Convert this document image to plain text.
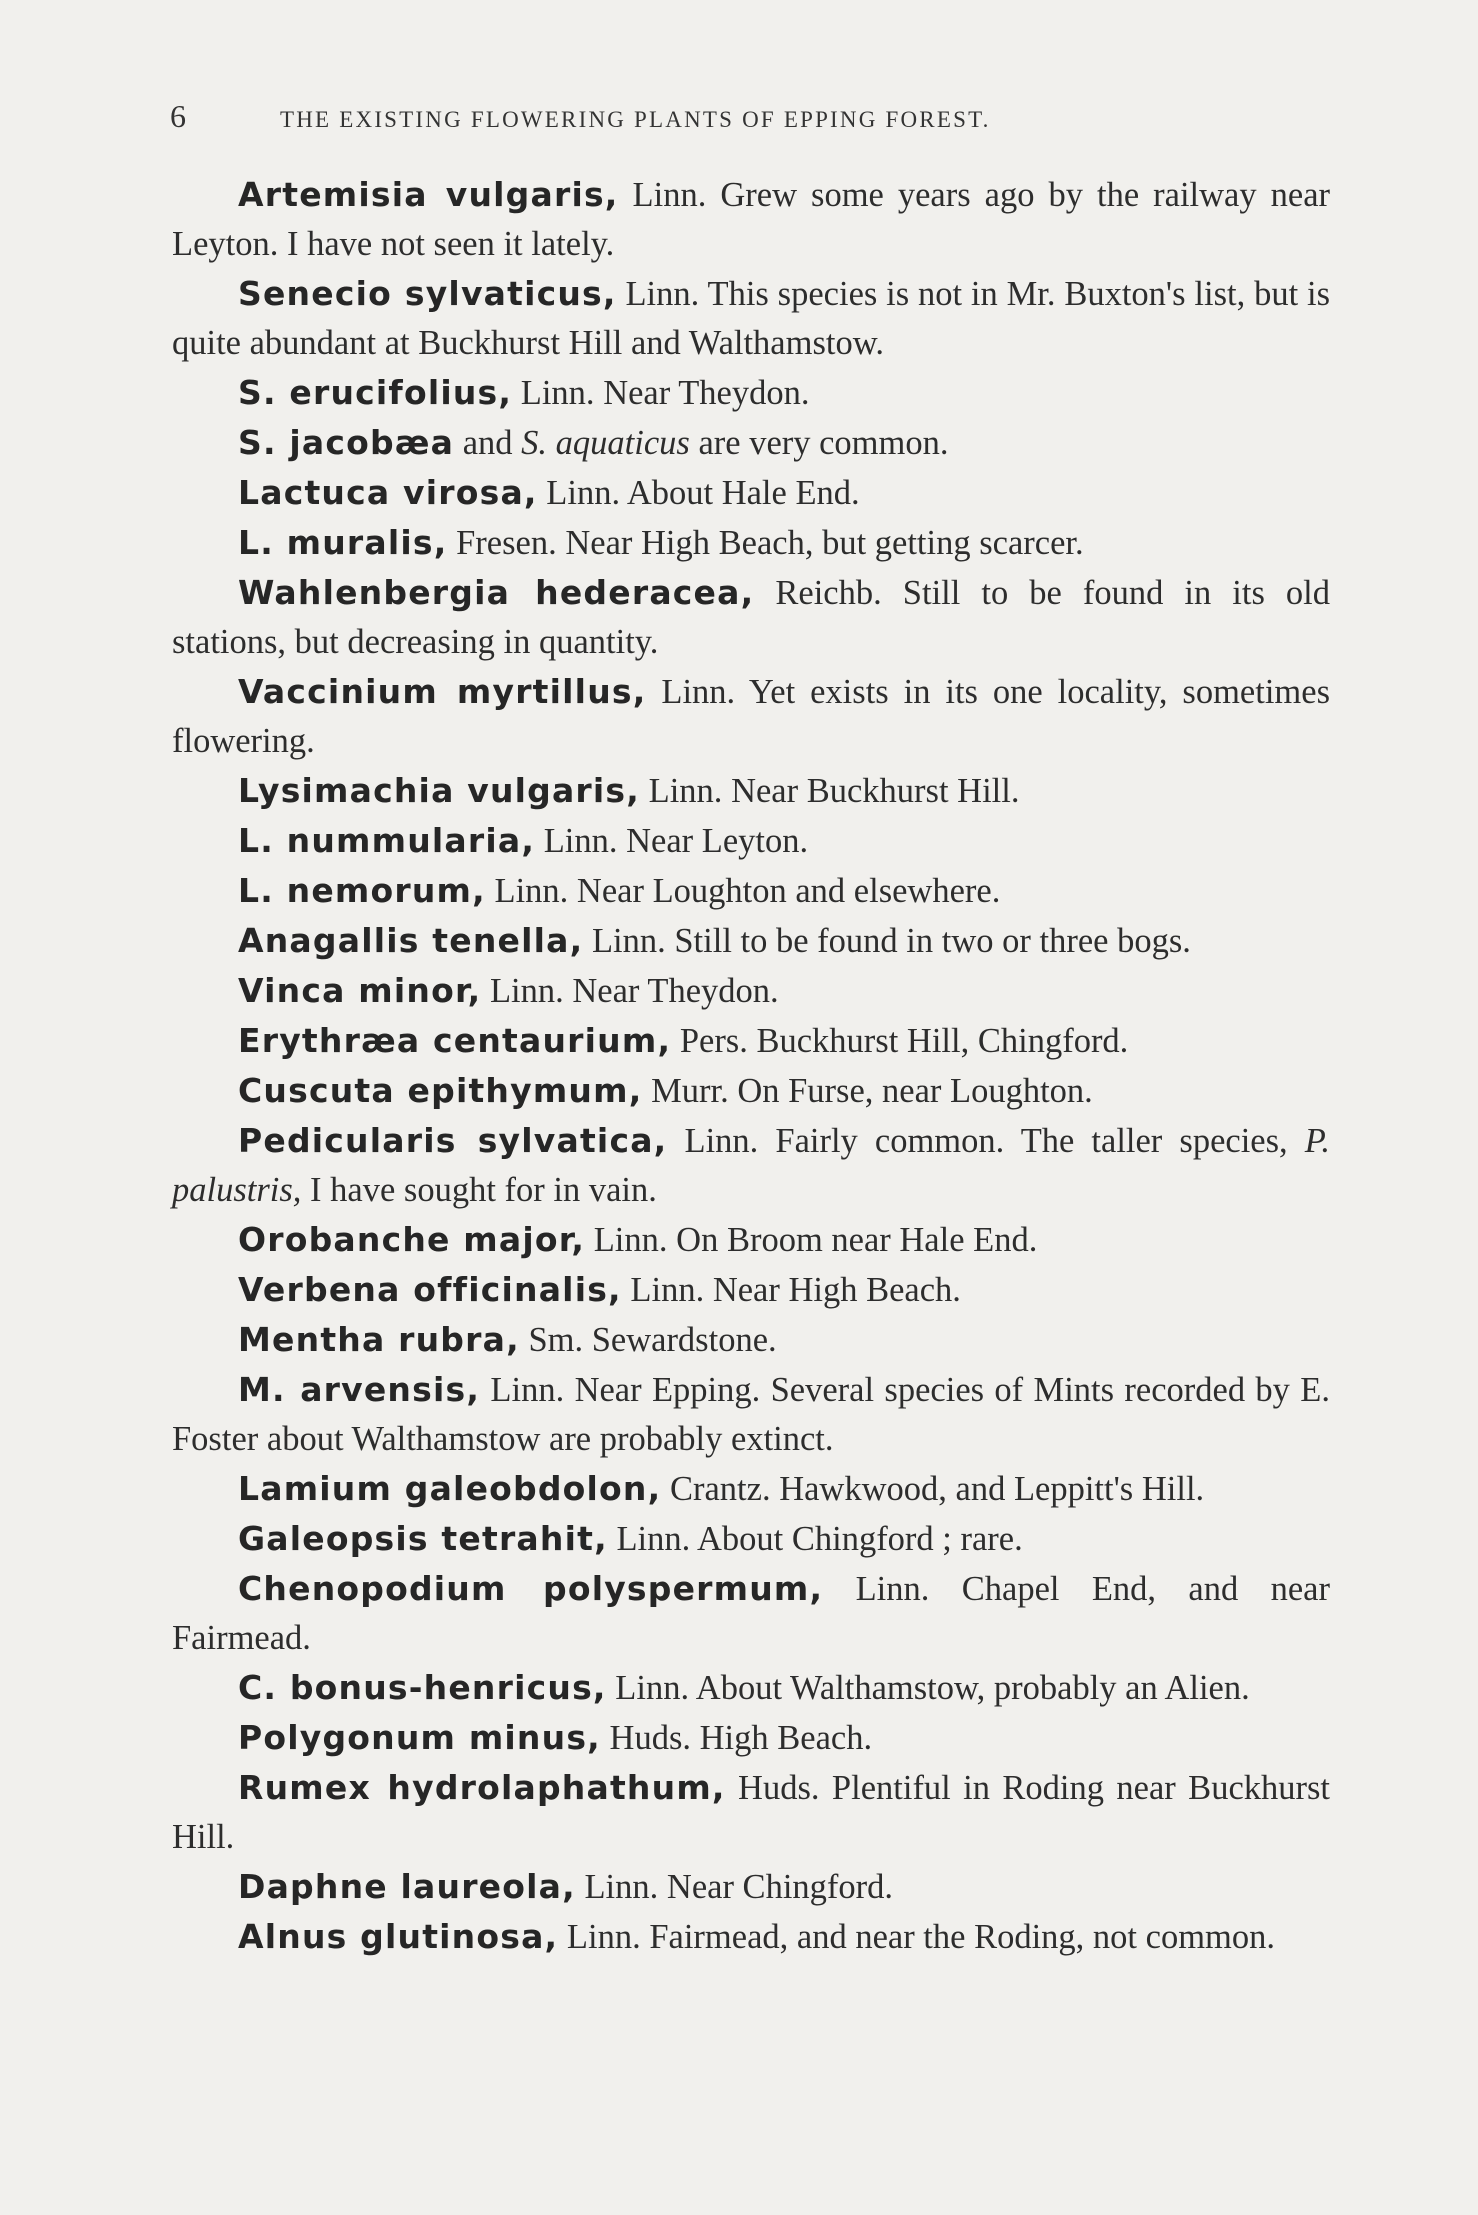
6	THE EXISTING FLOWERING PLANTS OF EPPING FOREST.

Artemisia vulgaris, Linn. Grew some years ago by the railway near Leyton. I have not seen it lately.

Senecio sylvaticus, Linn. This species is not in Mr. Buxton's list, but is quite abundant at Buckhurst Hill and Walthamstow.

S. erucifolius, Linn. Near Theydon.

S. jacobæa and S. aquaticus are very common.

Lactuca virosa, Linn. About Hale End.

L. muralis, Fresen. Near High Beach, but getting scarcer.

Wahlenbergia hederacea, Reichb. Still to be found in its old stations, but decreasing in quantity.

Vaccinium myrtillus, Linn. Yet exists in its one locality, sometimes flowering.

Lysimachia vulgaris, Linn. Near Buckhurst Hill.

L. nummularia, Linn. Near Leyton.

L. nemorum, Linn. Near Loughton and elsewhere.

Anagallis tenella, Linn. Still to be found in two or three bogs.

Vinca minor, Linn. Near Theydon.

Erythræa centaurium, Pers. Buckhurst Hill, Chingford.

Cuscuta epithymum, Murr. On Furse, near Loughton.

Pedicularis sylvatica, Linn. Fairly common. The taller species, P. palustris, I have sought for in vain.

Orobanche major, Linn. On Broom near Hale End.

Verbena officinalis, Linn. Near High Beach.

Mentha rubra, Sm. Sewardstone.

M. arvensis, Linn. Near Epping. Several species of Mints recorded by E. Foster about Walthamstow are probably extinct.

Lamium galeobdolon, Crantz. Hawkwood, and Leppitt's Hill.

Galeopsis tetrahit, Linn. About Chingford ; rare.

Chenopodium polyspermum, Linn. Chapel End, and near Fairmead.

C. bonus-henricus, Linn. About Walthamstow, probably an Alien.

Polygonum minus, Huds. High Beach.

Rumex hydrolaphathum, Huds. Plentiful in Roding near Buckhurst Hill.

Daphne laureola, Linn. Near Chingford.

Alnus glutinosa, Linn. Fairmead, and near the Roding, not common.
